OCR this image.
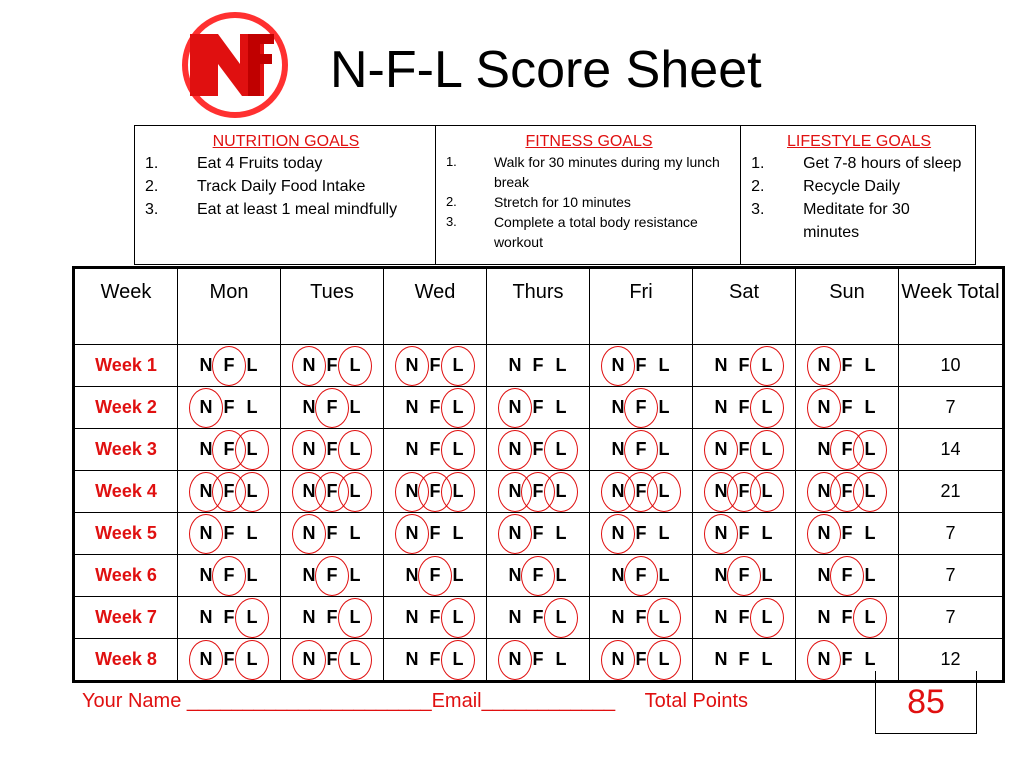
NFL
N-F-L Score Sheet
NUTRITION GOALS
1. Eat 4 Fruits today
2. Track Daily Food Intake
3. Eat at least 1 meal mindfully

FITNESS GOALS
1.	Walk for 30 minutes during my lunch break
2.	Stretch for 10 minutes
3.	Complete a total body resistance workout

LIFESTYLE GOALS
1. Get 7-8 hours of sleep
2. Recycle Daily
3. Meditate for 30 minutes
Week	Mon	Tues	Wed	Thurs	Fri	Sat	Sun	Week Total
Week 1	N F L	N F L	N F L	N F L	N F L	N F L	N F L	10
Week 2	N F L	N F L	N F L	N F L	N F L	N F L	N F L	7
Week 3	N F L	N F L	N F L	N F L	N F L	N F L	N F L	14
Week 4	N F L	N F L	N F L	N F L	N F L	N F L	N F L	21
Week 5	N F L	N F L	N F L	N F L	N F L	N F L	N F L	7
Week 6	N F L	N F L	N F L	N F L	N F L	N F L	N F L	7
Week 7	N F L	N F L	N F L	N F L	N F L	N F L	N F L	7
Week 8	N F L	N F L	N F L	N F L	N F L	N F L	N F L	12
Your Name ______________________Email____________ Total Points	85
